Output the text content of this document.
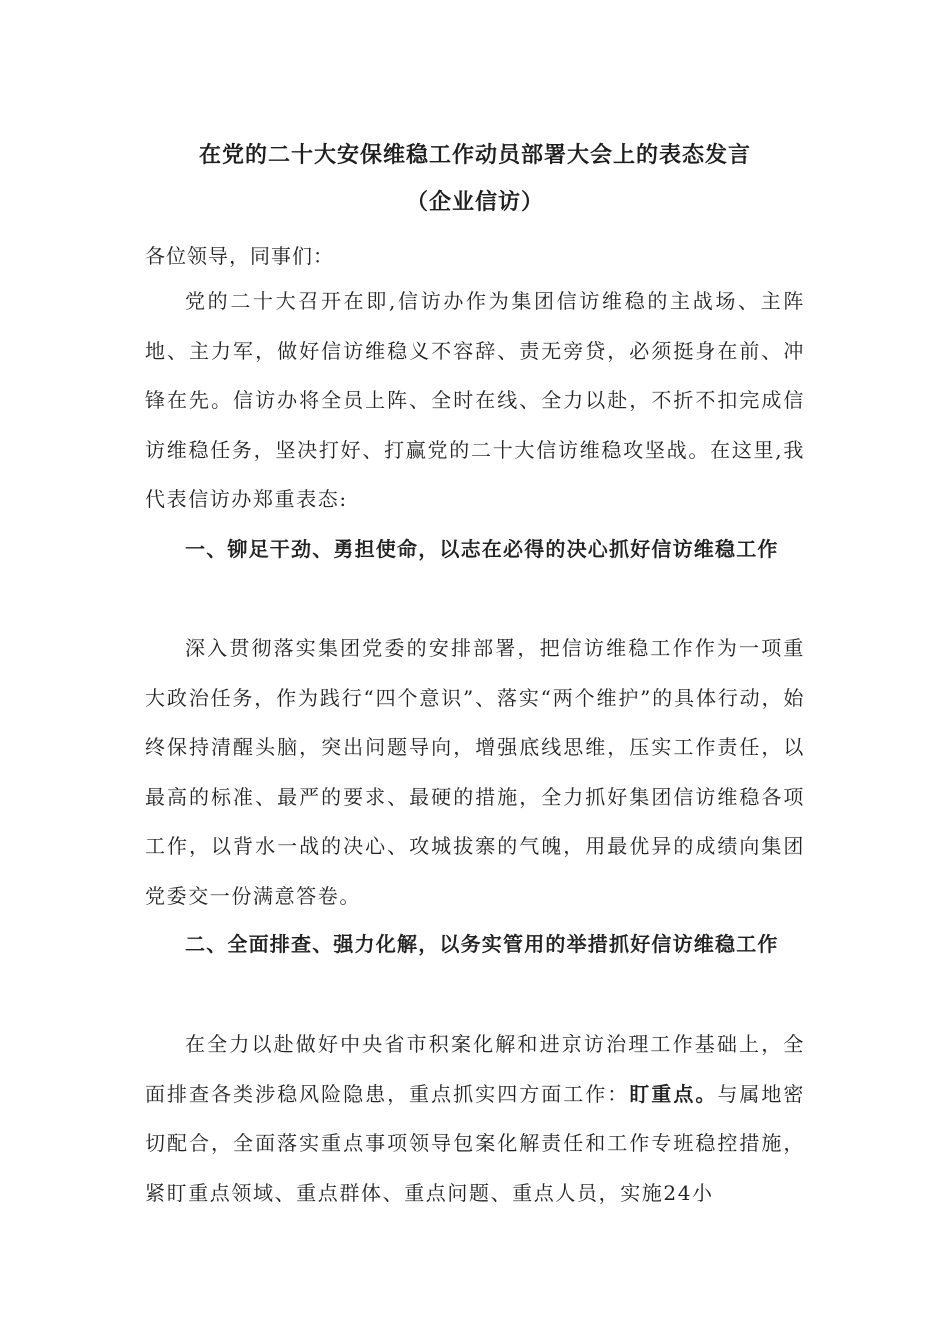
在党的二十大安保维稳工作动员部署大会上的表态发言
（企业信访）
各位领导，同事们：

党的二十大召开在即,信访办作为集团信访维稳的主战场、主阵地、主力军，做好信访维稳义不容辞、责无旁贷，必须挺身在前、冲锋在先。信访办将全员上阵、全时在线、全力以赴，不折不扣完成信访维稳任务，坚决打好、打赢党的二十大信访维稳攻坚战。在这里,我代表信访办郑重表态:

一、铆足干劲、勇担使命，以志在必得的决心抓好信访维稳工作

深入贯彻落实集团党委的安排部署，把信访维稳工作作为一项重大政治任务，作为践行“四个意识”、落实“两个维护”的具体行动，始终保持清醒头脑，突出问题导向，增强底线思维，压实工作责任，以最高的标准、最严的要求、最硬的措施，全力抓好集团信访维稳各项工作，以背水一战的决心、攻城拔寨的气魄，用最优异的成绩向集团党委交一份满意答卷。

二、全面排查、强力化解，以务实管用的举措抓好信访维稳工作

在全力以赴做好中央省市积案化解和进京访治理工作基础上，全面排查各类涉稳风险隐患，重点抓实四方面工作：盯重点。与属地密切配合，全面落实重点事项领导包案化解责任和工作专班稳控措施，紧盯重点领域、重点群体、重点问题、重点人员，实施24小
